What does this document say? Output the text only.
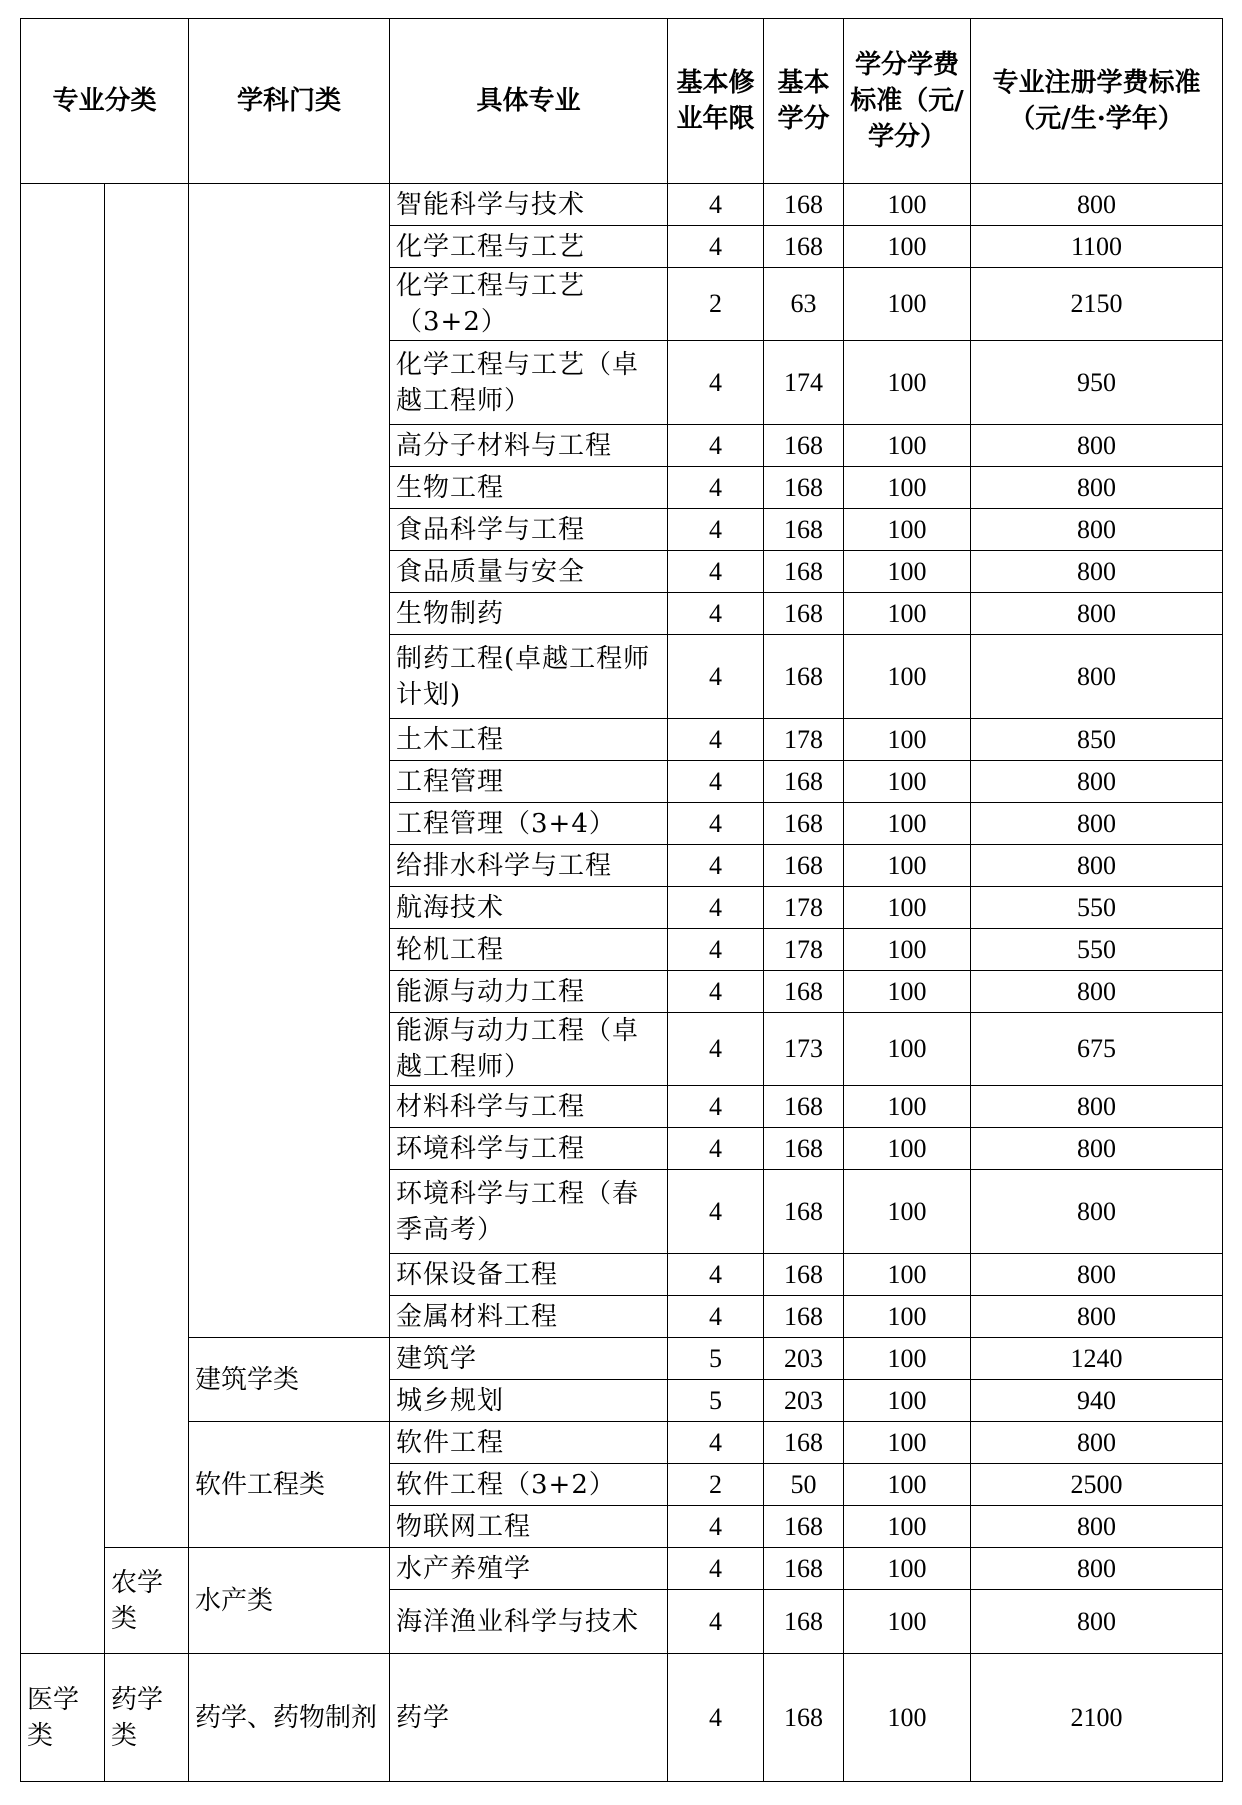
专业分类		学科门类	具体专业	基本修业年限	基本学分	学分学费标准（元/学分）	专业注册学费标准（元/生·学年）
			智能科学与技术	4	168	100	800
			化学工程与工艺	4	168	100	1100
			化学工程与工艺（3+2）	2	63	100	2150
			化学工程与工艺（卓越工程师）	4	174	100	950
			高分子材料与工程	4	168	100	800
			生物工程	4	168	100	800
			食品科学与工程	4	168	100	800
			食品质量与安全	4	168	100	800
			生物制药	4	168	100	800
			制药工程(卓越工程师计划)	4	168	100	800
			土木工程	4	178	100	850
			工程管理	4	168	100	800
			工程管理（3+4）	4	168	100	800
			给排水科学与工程	4	168	100	800
			航海技术	4	178	100	550
			轮机工程	4	178	100	550
			能源与动力工程	4	168	100	800
			能源与动力工程（卓越工程师）	4	173	100	675
			材料科学与工程	4	168	100	800
			环境科学与工程	4	168	100	800
			环境科学与工程（春季高考）	4	168	100	800
			环保设备工程	4	168	100	800
			金属材料工程	4	168	100	800
		建筑学类	建筑学	5	203	100	1240
			城乡规划	5	203	100	940
		软件工程类	软件工程	4	168	100	800
			软件工程（3+2）	2	50	100	2500
			物联网工程	4	168	100	800
	农学类	水产类	水产养殖学	4	168	100	800
			海洋渔业科学与技术	4	168	100	800
医学类	药学类	药学、药物制剂	药学	4	168	100	2100
